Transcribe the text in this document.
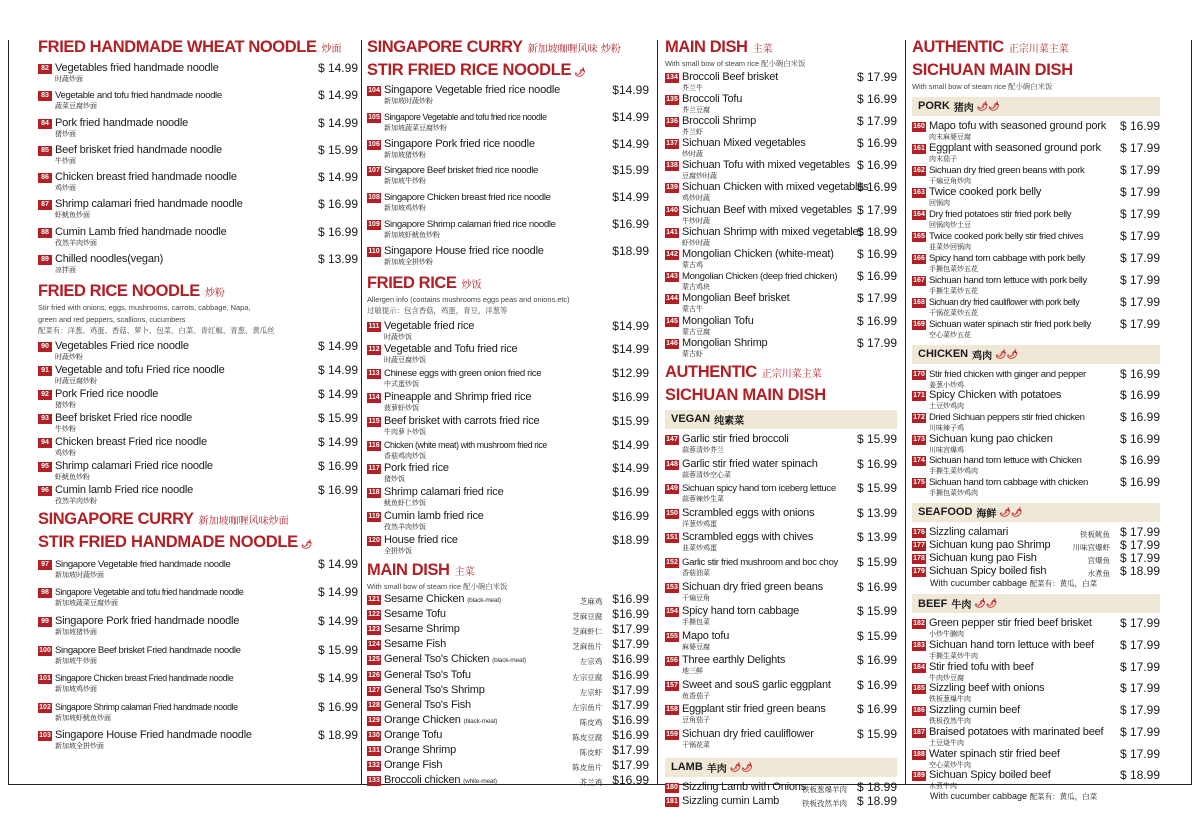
FRIED HANDMADE WHEAT NOODLE 炒面
82 Vegetables fried handmade noodle
时蔬炒面
$ 14.99
83 Vegetable and tofu fried handmade noodle
蔬菜豆腐炒面
$ 14.99
84 Pork fried handmade noodle
猪炒面
$ 14.99
85 Beef brisket fried handmade noodle
牛炒面
$ 15.99
86 Chicken breast fried handmade noodle
鸡炒面
$ 14.99
87 Shrimp calamari fried handmade noodle
虾鱿鱼炒面
$ 16.99
88 Cumin Lamb fried handmade noodle
孜然羊肉炒面
$ 16.99
89 Chilled noodles(vegan)
凉拌面
$ 13.99
FRIED RICE NOODLE 炒粉
Stir fried with onions, eggs, mushrooms, carrots, cabbage, Napa,
green and red peppers, scallions, cucumbers
配菜有：洋葱、鸡蛋、香菇、萝卜、包菜、白菜、青红椒、青葱、黄瓜丝
90 Vegetables Fried rice noodle
时蔬炒粉
$ 14.99
91 Vegetable and tofu Fried rice noodle
时蔬豆腐炒粉
$ 14.99
92 Pork Fried rice noodle
猪炒粉
$ 14.99
93 Beef brisket Fried rice noodle
牛炒粉
$ 15.99
94 Chicken breast Fried rice noodle
鸡炒粉
$ 14.99
95 Shrimp calamari Fried rice noodle
虾鱿鱼炒粉
$ 16.99
96 Cumin lamb Fried rice noodle
孜然羊肉炒粉
$ 16.99
SINGAPORE CURRY 新加坡咖喱风味炒面
STIR FRIED HANDMADE NOODLE 🌶
97 Singapore Vegetable fried handmade noodle
新加坡时蔬炒面
$ 14.99
98 Singapore Vegetable and tofu fried handmade noodle
新加坡蔬菜豆腐炒面
$ 14.99
99 Singapore Pork fried handmade noodle
新加坡猪炒面
$ 14.99
100 Singapore Beef brisket Fried handmade noodle
新加坡牛炒面
$ 15.99
101 Singapore Chicken breast Fried handmade noodle
新加坡鸡炒面
$ 14.99
102 Singapore Shrimp calamari Fried handmade noodle
新加坡虾鱿鱼炒面
$ 16.99
103 Singapore House Fried handmade noodle
新加坡全拼炒面
$ 18.99
SINGAPORE CURRY 新加坡咖喱风味 炒粉
STIR FRIED RICE NOODLE 🌶
104 Singapore Vegetable fried rice noodle
新加坡时蔬炒粉
$14.99
105 Singapore Vegetable and tofu fried rice noodle
新加坡蔬菜豆腐炒粉
$14.99
106 Singapore Pork fried rice noodle
新加坡猪炒粉
$14.99
107 Singapore Beef brisket fried rice noodle
新加坡牛炒粉
$15.99
108 Singapore Chicken breast fried rice noodle
新加坡鸡炒粉
$14.99
109 Singapore Shrimp calamari fried rice noodle
新加坡虾鱿鱼炒粉
$16.99
110 Singapore House fried rice noodle
新加坡全拼炒粉
$18.99
FRIED RICE 炒饭
Allergen info (contains mushrooms eggs peas and onions.etc)
过敏提示：包含香菇，鸡蛋，青豆，洋葱等
111 Vegetable fried rice
时蔬炒饭
$14.99
112 Vegetable and Tofu fried rice
时蔬豆腐炒饭
$14.99
113 Chinese eggs with green onion fried rice
中式蛋炒饭
$12.99
114 Pineapple and Shrimp fried rice
菠萝虾炒饭
$16.99
115 Beef brisket with carrots fried rice
牛肉萝卜炒饭
$15.99
116 Chicken (white meat) with mushroom fried rice
香菇鸡肉炒饭
$14.99
117 Pork fried rice
猪炒饭
$14.99
118 Shrimp calamari fried rice
鱿鱼虾仁炒饭
$16.99
119 Cumin lamb fried rice
孜然羊肉炒饭
$16.99
120 House fried rice
全拼炒饭
$18.99
MAIN DISH 主菜
With small bow of steam rice 配小碗白米饭
121 Sesame Chicken (black-meat)	芝麻鸡 $16.99
122 Sesame Tofu	芝麻豆腐 $16.99
123 Sesame Shrimp	芝麻虾仁 $17.99
124 Sesame Fish	芝麻鱼片 $17.99
125 General Tso's Chicken (black-meat)	左宗鸡 $16.99
126 General Tso's Tofu	左宗豆腐 $16.99
127 General Tso's Shrimp	左宗虾 $17.99
128 General Tso's Fish	左宗鱼片 $17.99
129 Orange Chicken (black-meat)	陈皮鸡 $16.99
130 Orange Tofu	陈皮豆腐 $16.99
131 Orange Shrimp	陈皮虾 $17.99
132 Orange Fish	陈皮鱼片 $17.99
133 Broccoli chicken (white-meat)	芥兰鸡 $16.99
MAIN DISH 主菜
With small bow of steam rice 配小碗白米饭
134 Broccoli Beef brisket
芥兰牛
$ 17.99
135 Broccoli Tofu
芥兰豆腐
$ 16.99
136 Broccoli Shrimp
芥兰虾
$ 17.99
137 Sichuan Mixed vegetables
炒时蔬
$ 16.99
138 Sichuan Tofu with mixed vegetables
豆腐炒时蔬
$ 16.99
139 Sichuan Chicken with mixed vegetables
鸡炒时蔬
$ 16.99
140 Sichuan Beef with mixed vegetables
牛炒时蔬
$ 17.99
141 Sichuan Shrimp with mixed vegetables
虾炒时蔬
$ 18.99
142 Mongolian Chicken (white-meat)
蒙古鸡
$ 16.99
143 Mongolian Chicken (deep fried chicken)
蒙古鸡块
$ 16.99
144 Mongolian Beef brisket
蒙古牛
$ 17.99
145 Mongolian Tofu
蒙古豆腐
$ 16.99
146 Mongolian Shrimp
蒙古虾
$ 17.99
AUTHENTIC 正宗川菜主菜
SICHUAN MAIN DISH
VEGAN 纯素菜
147 Garlic stir fried broccoli
蒜蓉清炒芥兰
$ 15.99
148 Garlic stir fried water spinach
蒜蓉清炒空心菜
$ 16.99
149 Sichuan spicy hand torn iceberg lettuce
蒜蓉辣炒生菜
$ 15.99
150 Scrambled eggs with onions
洋葱炒鸡蛋
$ 13.99
151 Scrambled eggs with chives
韭菜炒鸡蛋
$ 13.99
152 Garlic stir fried mushroom and boc choy
香菇油菜
$ 15.99
153 Sichuan dry fried green beans
干煸豆角
$ 16.99
154 Spicy hand torn cabbage
手撕包菜
$ 15.99
155 Mapo tofu
麻婆豆腐
$ 15.99
156 Three earthly Delights
地三鲜
$ 16.99
157 Sweet and souS garlic eggplant
鱼香茄子
$ 16.99
158 Eggplant stir fried green beans
豆角茄子
$ 16.99
159 Sichuan dry fried cauliflower
干锅花菜
$ 15.99
LAMB 羊肉 🌶🌶
180 Sizzling Lamb with Onions
铁板葱爆羊肉 $ 18.99
181 Sizzling cumin Lamb	铁板孜然羊肉 $ 18.99
AUTHENTIC 正宗川菜主菜
SICHUAN MAIN DISH
With small bow of steam rice 配小碗白米饭
PORK 猪肉 🌶🌶
160 Mapo tofu with seasoned ground pork
肉末麻婆豆腐
$ 16.99
161 Eggplant with seasoned ground pork
肉末茄子
$ 17.99
162 Sichuan dry fried green beans with pork
干煸豆角炒肉
$ 17.99
163 Twice cooked pork belly
回锅肉
$ 17.99
164 Dry fried potatoes stir fried pork belly
回锅肉炒土豆
$ 17.99
165 Twice cooked pork belly stir fried chives
韭菜炒回锅肉
$ 17.99
166 Spicy hand torn cabbage with pork belly
手撕包菜炒五花
$ 17.99
167 Sichuan hand torn lettuce with pork belly
手撕生菜炒五花
$ 17.99
168 Sichuan dry fried cauliflower with pork belly
干锅花菜炒五花
$ 17.99
169 Sichuan water spinach stir fried pork belly
空心菜炒五花
$ 17.99
CHICKEN 鸡肉 🌶🌶
170 Stir fried chicken with ginger and pepper
姜葱小炒鸡
$ 16.99
171 Spicy Chicken with potatoes
土豆炒鸡肉
$ 16.99
172 Dried Sichuan peppers stir fried chicken
川味辣子鸡
$ 16.99
173 Sichuan kung pao chicken
川味宫爆鸡
$ 16.99
174 Sichuan hand torn lettuce with Chicken
手撕生菜炒鸡肉
$ 16.99
175 Sichuan hand torn cabbage with chicken
手撕包菜炒鸡肉
$ 16.99
SEAFOOD 海鲜 🌶🌶
176 Sizzling calamari	铁板鱿鱼 $ 17.99
177 Sichuan kung pao Shrimp	川味宫爆虾 $ 17.99
178 Sichuan kung pao Fish	宫爆鱼 $ 17.99
179 Sichuan Spicy boiled fish	水煮鱼 $ 18.99
With cucumber cabbage 配菜有：黄瓜，白菜
BEEF 牛肉 🌶🌶
182 Green pepper stir fried beef brisket
小炒牛腩肉
$ 17.99
183 Sichuan hand torn lettuce with beef
手撕生菜炒牛肉
$ 17.99
184 Stir fried tofu with beef
牛肉炒豆腐
$ 17.99
185 Sizzling beef with onions
铁板葱爆牛肉
$ 17.99
186 Sizzling cumin beef
铁板孜然牛肉
$ 17.99
187 Braised potatoes with marinated beef
土豆烧牛肉
$ 17.99
188 Water spinach stir fried beef
空心菜炒牛肉
$ 17.99
189 Sichuan Spicy boiled beef
水煮牛肉
$ 18.99
With cucumber cabbage 配菜有：黄瓜，白菜
